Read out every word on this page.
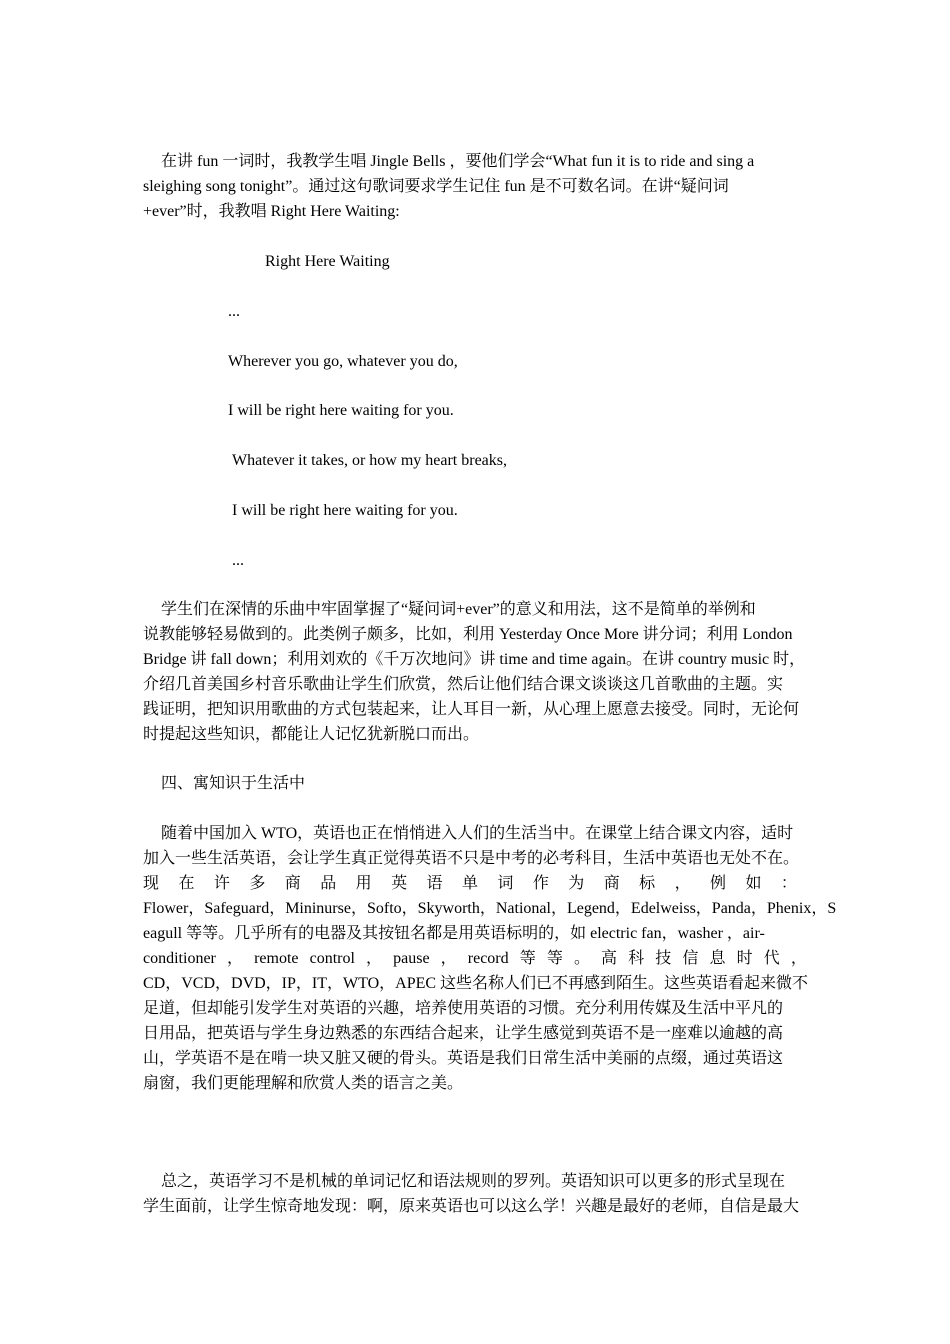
在讲 fun 一词时，我教学生唱 Jingle Bells ，要他们学会“What fun it is to ride and sing a
sleighing song tonight”。通过这句歌词要求学生记住 fun 是不可数名词。在讲“疑问词
+ever”时，我教唱 Right Here Waiting:
Right Here Waiting
...
Wherever you go, whatever you do,
I will be right here waiting for you.
Whatever it takes, or how my heart breaks,
I will be right here waiting for you.
...
学生们在深情的乐曲中牢固掌握了“疑问词+ever”的意义和用法，这不是简单的举例和
说教能够轻易做到的。此类例子颇多，比如，利用 Yesterday Once More 讲分词；利用 London
Bridge 讲 fall down；利用刘欢的《千万次地问》讲 time and time again。在讲 country music 时，
介绍几首美国乡村音乐歌曲让学生们欣赏，然后让他们结合课文谈谈这几首歌曲的主题。实
践证明，把知识用歌曲的方式包装起来，让人耳目一新，从心理上愿意去接受。同时，无论何
时提起这些知识，都能让人记忆犹新脱口而出。
四、寓知识于生活中
随着中国加入 WTO，英语也正在悄悄进入人们的生活当中。在课堂上结合课文内容，适时
加入一些生活英语，会让学生真正觉得英语不只是中考的必考科目，生活中英语也无处不在。
现 在 许 多 商 品 用 英 语 单 词 作 为 商 标 ， 例 如 ：
Flower，Safeguard，Mininurse，Softo，Skyworth，National，Legend，Edelweiss，Panda，Phenix，S
eagull 等等。几乎所有的电器及其按钮名都是用英语标明的，如 electric fan，washer ，air-
conditioner ， remote control ， pause ， record 等 等 。 高 科 技 信 息 时 代 ，
CD，VCD，DVD，IP，IT，WTO，APEC 这些名称人们已不再感到陌生。这些英语看起来微不
足道，但却能引发学生对英语的兴趣，培养使用英语的习惯。充分利用传媒及生活中平凡的
日用品，把英语与学生身边熟悉的东西结合起来，让学生感觉到英语不是一座难以逾越的高
山，学英语不是在啃一块又脏又硬的骨头。英语是我们日常生活中美丽的点缀，通过英语这
扇窗，我们更能理解和欣赏人类的语言之美。
总之，英语学习不是机械的单词记忆和语法规则的罗列。英语知识可以更多的形式呈现在
学生面前，让学生惊奇地发现：啊，原来英语也可以这么学！兴趣是最好的老师，自信是最大
